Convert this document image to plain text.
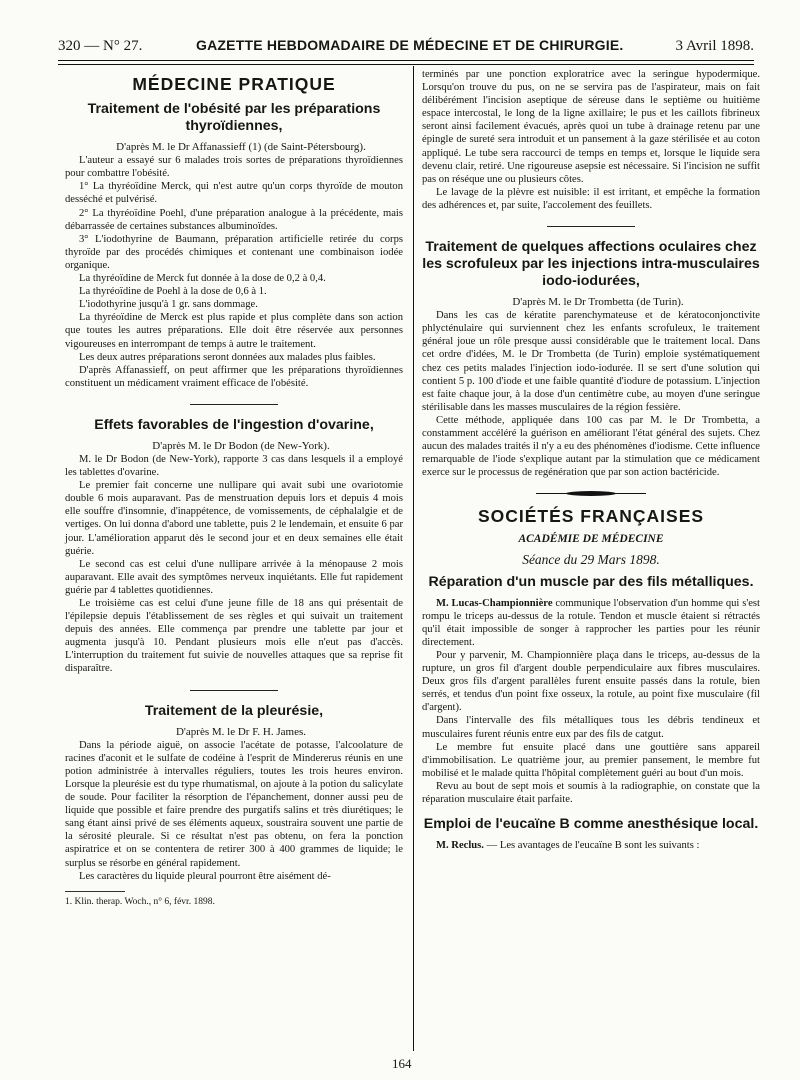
320 — N° 27.	GAZETTE HEBDOMADAIRE DE MÉDECINE ET DE CHIRURGIE.	3 Avril 1898.
MÉDECINE PRATIQUE
Traitement de l'obésité par les préparations thyroïdiennes,

D'après M. le Dr Affanassieff (1) (de Saint-Pétersbourg).

L'auteur a essayé sur 6 malades trois sortes de préparations thyroïdiennes pour combattre l'obésité.

1° La thyréoïdine Merck, qui n'est autre qu'un corps thyroïde de mouton desséché et pulvérisé.

2° La thyréoïdine Poehl, d'une préparation analogue à la précédente, mais débarrassée de certaines substances albuminoïdes.

3° L'iodothyrine de Baumann, préparation artificielle retirée du corps thyroïde par des procédés chimiques et contenant une combinaison iodée organique.

La thyréoïdine de Merck fut donnée à la dose de 0,2 à 0,4.

La thyréoïdine de Poehl à la dose de 0,6 à 1.

L'iodothyrine jusqu'à 1 gr. sans dommage.

La thyréoïdine de Merck est plus rapide et plus complète dans son action que toutes les autres préparations. Elle doit être réservée aux personnes vigoureuses en interrompant de temps à autre le traitement.

Les deux autres préparations seront données aux malades plus faibles.

D'après Affanassieff, on peut affirmer que les préparations thyroïdiennes constituent un médicament vraiment efficace de l'obésité.

Effets favorables de l'ingestion d'ovarine,

D'après M. le Dr Bodon (de New-York).

M. le Dr Bodon (de New-York), rapporte 3 cas dans lesquels il a employé les tablettes d'ovarine.

Le premier fait concerne une nullipare qui avait subi une ovariotomie double 6 mois auparavant. Pas de menstruation depuis lors et depuis 4 mois elle souffre d'insomnie, d'inappétence, de vomissements, de céphalalgie et de vertiges. On lui donna d'abord une tablette, puis 2 le lendemain, et ensuite 6 par jour. L'amélioration apparut dès le second jour et en deux semaines elle était guérie.

Le second cas est celui d'une nullipare arrivée à la ménopause 2 mois auparavant. Elle avait des symptômes nerveux inquiétants. Elle fut rapidement guérie par 4 tablettes quotidiennes.

Le troisième cas est celui d'une jeune fille de 18 ans qui présentait de l'épilepsie depuis l'établissement de ses règles et qui suivait un traitement depuis des années. Elle commença par prendre une tablette par jour et augmenta jusqu'à 10. Pendant plusieurs mois elle n'eut pas d'accès. L'interruption du traitement fut suivie de nouvelles attaques que sa reprise fit disparaître.

Traitement de la pleurésie,

D'après M. le Dr F. H. James.

Dans la période aiguë, on associe l'acétate de potasse, l'alcoolature de racines d'aconit et le sulfate de codéine à l'esprit de Mindererus réunis en une potion administrée à intervalles réguliers, toutes les trois heures environ. Lorsque la pleurésie est du type rhumatismal, on ajoute à la potion du salicylate de soude. Pour faciliter la résorption de l'épanchement, donner aussi peu de liquide que possible et faire prendre des purgatifs salins et très diurétiques; le sang étant ainsi privé de ses éléments aqueux, soustraira souvent une partie de la sérosité pleurale. Si ce résultat n'est pas obtenu, on fera la ponction aspiratrice et on se contentera de retirer 300 à 400 grammes de liquide; le surplus se résorbe en général rapidement.

Les caractères du liquide pleural pourront être aisément dé-

1. Klin. therap. Woch., n° 6, févr. 1898.

terminés par une ponction exploratrice avec la seringue hypodermique. Lorsqu'on trouve du pus, on ne se servira pas de l'aspirateur, mais on fait délibérément l'incision aseptique de séreuse dans le septième ou huitième espace intercostal, le long de la ligne axillaire; le pus et les caillots fibrineux seront ainsi facilement évacués, après quoi un tube à drainage retenu par une épingle de sureté sera introduit et un pansement à la gaze stérilisée et au coton appliqué. Le tube sera raccourci de temps en temps et, lorsque le liquide sera devenu clair, retiré. Une rigoureuse asepsie est nécessaire. Si l'incision ne suffit pas on réséque une ou plusieurs côtes.

Le lavage de la plèvre est nuisible: il est irritant, et empêche la formation des adhérences et, par suite, l'accolement des feuillets.

Traitement de quelques affections oculaires chez les scrofuleux par les injections intra-musculaires iodo-iodurées,

D'après M. le Dr Trombetta (de Turin).

Dans les cas de kératite parenchymateuse et de kératoconjonctivite phlycténulaire qui surviennent chez les enfants scrofuleux, le traitement général joue un rôle presque aussi considérable que le traitement local. Dans cet ordre d'idées, M. le Dr Trombetta (de Turin) emploie systématiquement chez ces petits malades l'injection iodo-iodurée. Il se sert d'une solution qui contient 5 p. 100 d'iode et une faible quantité d'iodure de potassium. L'injection est faite chaque jour, à la dose d'un centimètre cube, au moyen d'une seringue stérilisable dans les masses musculaires de la région fessière.

Cette méthode, appliquée dans 100 cas par M. le Dr Trombetta, a constamment accéléré la guérison en améliorant l'état général des sujets. Chez aucun des malades traités il n'y a eu des phénomènes d'iodisme. Cette influence remarquable de l'iode s'explique autant par la stimulation que ce médicament exerce sur le processus de regénération que par son action bactéricide.

SOCIÉTÉS FRANÇAISES
ACADÉMIE DE MÉDECINE
Séance du 29 Mars 1898.
Réparation d'un muscle par des fils métalliques.

M. Lucas-Championnière communique l'observation d'un homme qui s'est rompu le triceps au-dessus de la rotule. Tendon et muscle étaient si rétractés qu'il était impossible de songer à rapprocher les parties pour les réunir directement.

Pour y parvenir, M. Championnière plaça dans le triceps, au-dessus de la rupture, un gros fil d'argent double perpendiculaire aux fibres musculaires. Deux gros fils d'argent parallèles furent ensuite passés dans la rotule, bien serrés, et tendus d'un point fixe osseux, la rotule, au point fixe musculaire (fil d'argent).

Dans l'intervalle des fils métalliques tous les débris tendineux et musculaires furent réunis entre eux par des fils de catgut.

Le membre fut ensuite placé dans une gouttière sans appareil d'immobilisation. Le quatrième jour, au premier pansement, le membre fut mobilisé et le malade quitta l'hôpital complètement guéri au bout d'un mois.

Revu au bout de sept mois et soumis à la radiographie, on constate que la réparation musculaire était parfaite.

Emploi de l'eucaïne B comme anesthésique local.

M. Reclus. — Les avantages de l'eucaïne B sont les suivants :

164
